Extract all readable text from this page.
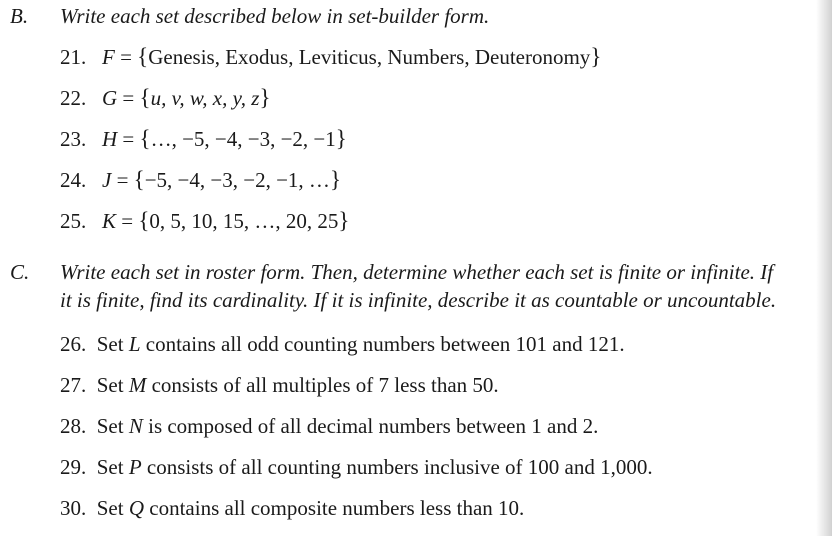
B. Write each set described below in set-builder form.
21. F = {Genesis, Exodus, Leviticus, Numbers, Deuteronomy}
22. G = {u, v, w, x, y, z}
23. H = {…, −5, −4, −3, −2, −1}
24. J = {−5, −4, −3, −2, −1, …}
25. K = {0, 5, 10, 15, …, 20, 25}
C. Write each set in roster form. Then, determine whether each set is finite or infinite. If
it is finite, find its cardinality. If it is infinite, describe it as countable or uncountable.
26. Set L contains all odd counting numbers between 101 and 121.
27. Set M consists of all multiples of 7 less than 50.
28. Set N is composed of all decimal numbers between 1 and 2.
29. Set P consists of all counting numbers inclusive of 100 and 1,000.
30. Set Q contains all composite numbers less than 10.
